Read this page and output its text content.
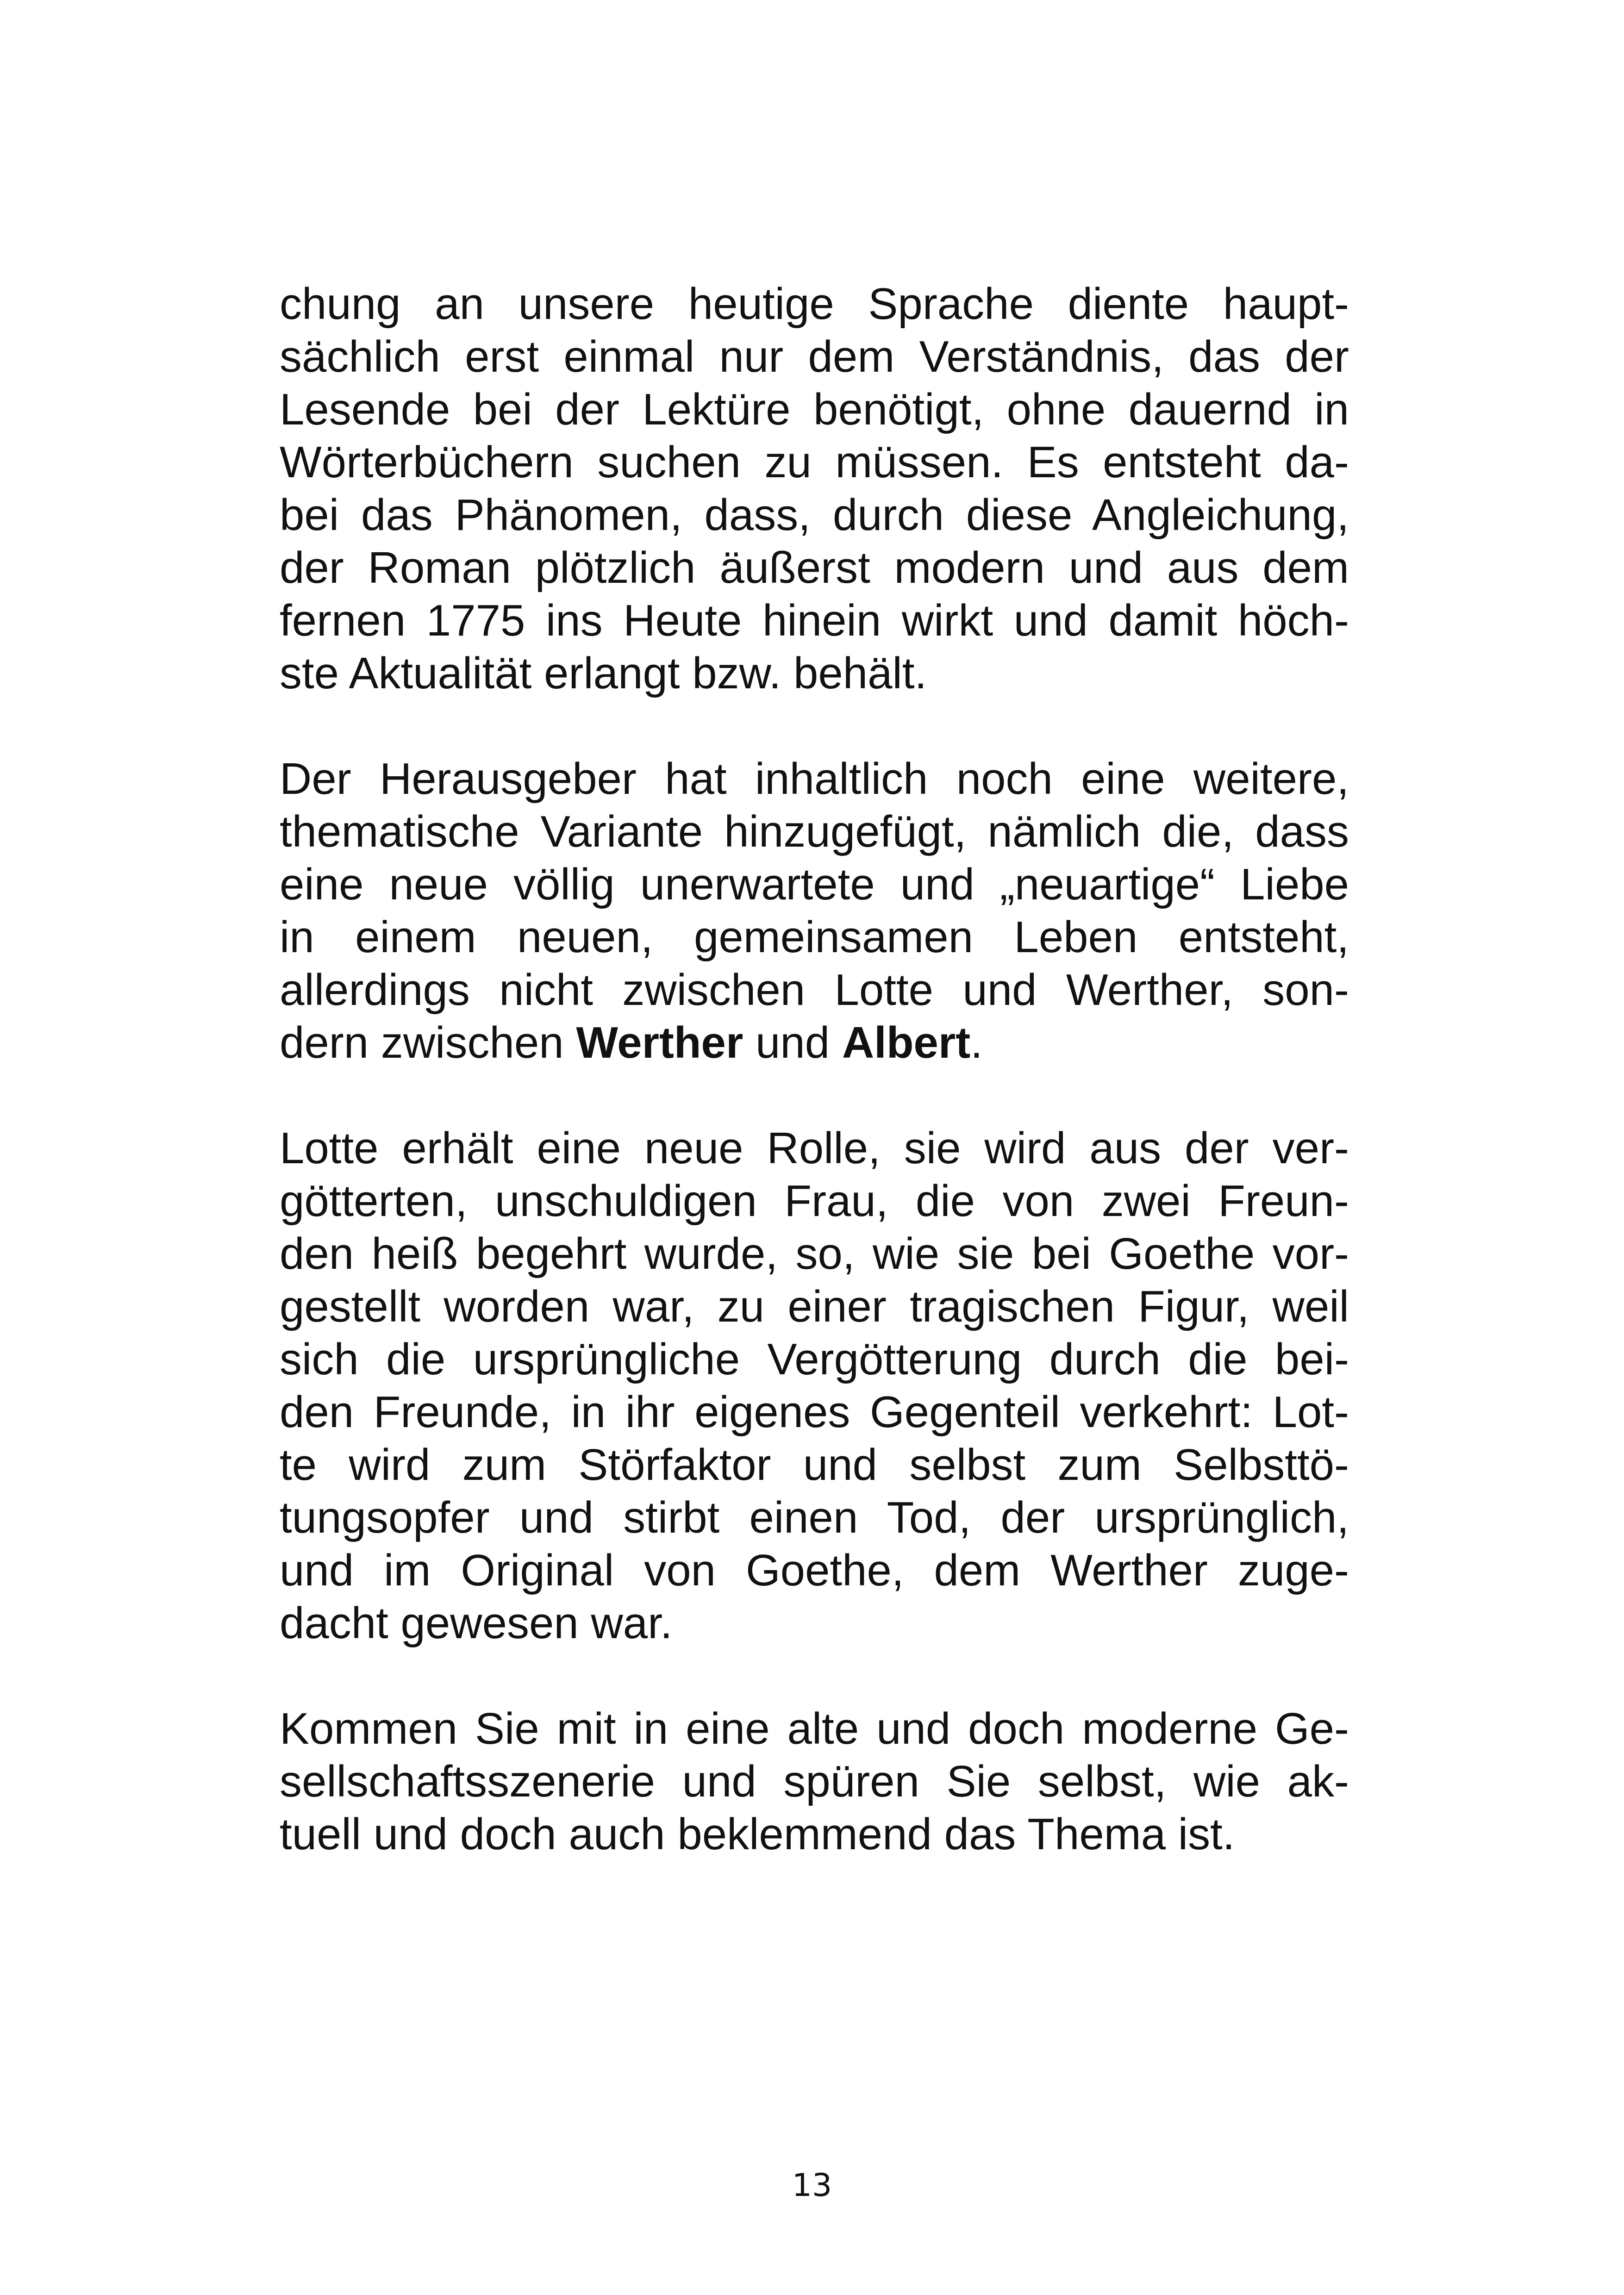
chung an unsere heutige Sprache diente haupt-
sächlich erst einmal nur dem Verständnis, das der
Lesende bei der Lektüre benötigt, ohne dauernd in
Wörterbüchern suchen zu müssen. Es entsteht da-
bei das Phänomen, dass, durch diese Angleichung,
der Roman plötzlich äußerst modern und aus dem
fernen 1775 ins Heute hinein wirkt und damit höch-
ste Aktualität erlangt bzw. behält.
Der Herausgeber hat inhaltlich noch eine weitere,
thematische Variante hinzugefügt, nämlich die, dass
eine neue völlig unerwartete und „neuartige“ Liebe
in einem neuen, gemeinsamen Leben entsteht,
allerdings nicht zwischen Lotte und Werther, son-
dern zwischen Werther und Albert.
Lotte erhält eine neue Rolle, sie wird aus der ver-
götterten, unschuldigen Frau, die von zwei Freun-
den heiß begehrt wurde, so, wie sie bei Goethe vor-
gestellt worden war, zu einer tragischen Figur, weil
sich die ursprüngliche Vergötterung durch die bei-
den Freunde, in ihr eigenes Gegenteil verkehrt: Lot-
te wird zum Störfaktor und selbst zum Selbsttö-
tungsopfer und stirbt einen Tod, der ursprünglich,
und im Original von Goethe, dem Werther zuge-
dacht gewesen war.
Kommen Sie mit in eine alte und doch moderne Ge-
sellschaftsszenerie und spüren Sie selbst, wie ak-
tuell und doch auch beklemmend das Thema ist.
13
